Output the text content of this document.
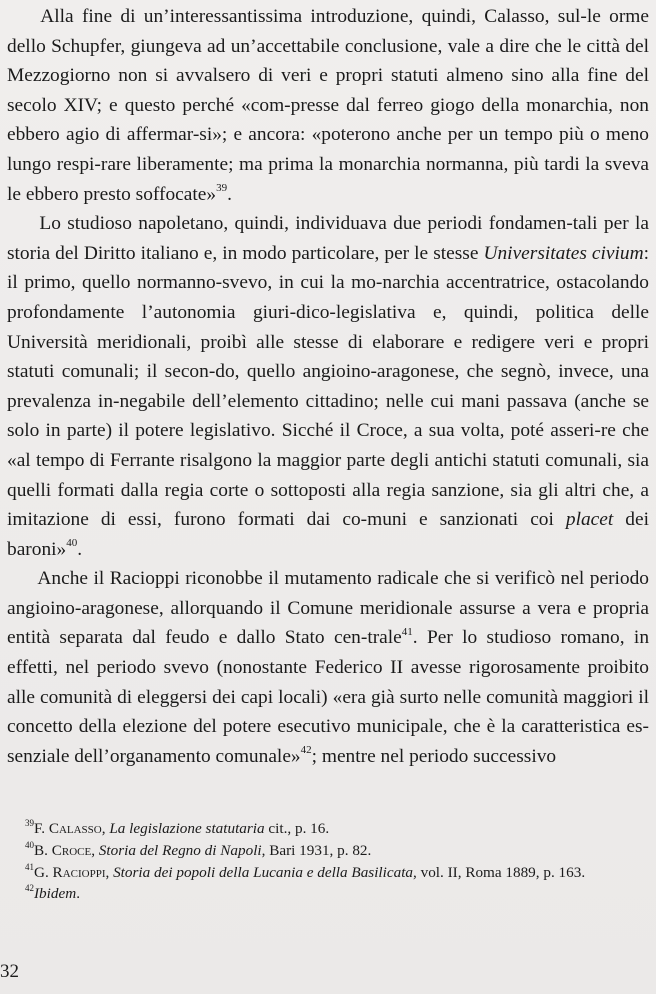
Alla fine di un’interessantissima introduzione, quindi, Calasso, sul-le orme dello Schupfer, giungeva ad un’accettabile conclusione, vale a dire che le città del Mezzogiorno non si avvalsero di veri e propri statuti almeno sino alla fine del secolo XIV; e questo perché «com-presse dal ferreo giogo della monarchia, non ebbero agio di affermar-si»; e ancora: «poterono anche per un tempo più o meno lungo respi-rare liberamente; ma prima la monarchia normanna, più tardi la sveva le ebbero presto soffocate»$^{39}$.

Lo studioso napoletano, quindi, individuava due periodi fondamen-tali per la storia del Diritto italiano e, in modo particolare, per le stesse Universitates civium: il primo, quello normanno-svevo, in cui la mo-narchia accentratrice, ostacolando profondamente l’autonomia giuri-dico-legislativa e, quindi, politica delle Università meridionali, proibì alle stesse di elaborare e redigere veri e propri statuti comunali; il secon-do, quello angioino-aragonese, che segnò, invece, una prevalenza in-negabile dell’elemento cittadino; nelle cui mani passava (anche se solo in parte) il potere legislativo. Sicché il Croce, a sua volta, poté asseri-re che «al tempo di Ferrante risalgono la maggior parte degli antichi statuti comunali, sia quelli formati dalla regia corte o sottoposti alla regia sanzione, sia gli altri che, a imitazione di essi, furono formati dai co-muni e sanzionati coi placet dei baroni»$^{40}$.

Anche il Racioppi riconobbe il mutamento radicale che si verificò nel periodo angioino-aragonese, allorquando il Comune meridionale assurse a vera e propria entità separata dal feudo e dallo Stato cen-trale$^{41}$. Per lo studioso romano, in effetti, nel periodo svevo (nonostante Federico II avesse rigorosamente proibito alle comunità di eleggersi dei capi locali) «era già surto nelle comunità maggiori il concetto della elezione del potere esecutivo municipale, che è la caratteristica es-senziale dell’organamento comunale»$^{42}$; mentre nel periodo successivo

$^{39}$F. Calasso, La legislazione statutaria cit., p. 16.

$^{40}$B. Croce, Storia del Regno di Napoli, Bari 1931, p. 82.

$^{41}$G. Racioppi, Storia dei popoli della Lucania e della Basilicata, vol. II, Roma 1889, p. 163.

$^{42}$Ibidem.

32
